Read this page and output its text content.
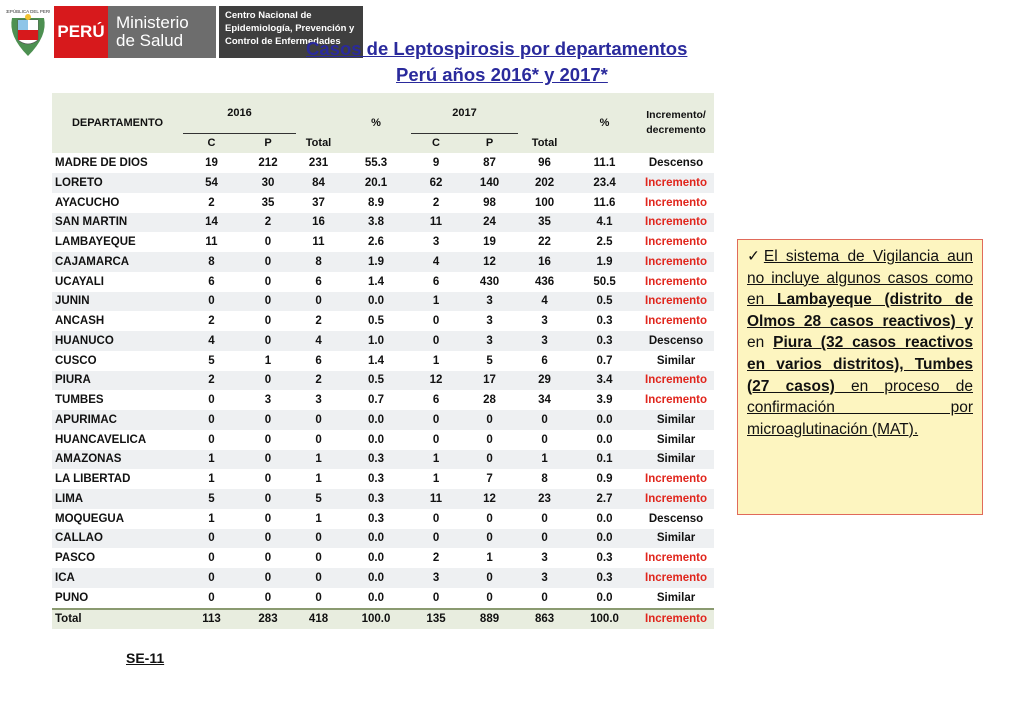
REPÚBLICA DEL PERÚ
PERÚ Ministerio
de Salud
Centro Nacional de
Epidemiología, Prevención y
Control de Enfermedades
Casos de Leptospirosis por departamentos
Perú años 2016* y 2017*
DEPARTAMENTO	2016			%	2017			%	Incremento/ decremento
	C	P	Total		C	P	Total		
MADRE DE DIOS	19	212	231	55.3	9	87	96	11.1	Descenso
LORETO	54	30	84	20.1	62	140	202	23.4	Incremento
AYACUCHO	2	35	37	8.9	2	98	100	11.6	Incremento
SAN MARTIN	14	2	16	3.8	11	24	35	4.1	Incremento
LAMBAYEQUE	11	0	11	2.6	3	19	22	2.5	Incremento
CAJAMARCA	8	0	8	1.9	4	12	16	1.9	Incremento
UCAYALI	6	0	6	1.4	6	430	436	50.5	Incremento
JUNIN	0	0	0	0.0	1	3	4	0.5	Incremento
ANCASH	2	0	2	0.5	0	3	3	0.3	Incremento
HUANUCO	4	0	4	1.0	0	3	3	0.3	Descenso
CUSCO	5	1	6	1.4	1	5	6	0.7	Similar
PIURA	2	0	2	0.5	12	17	29	3.4	Incremento
TUMBES	0	3	3	0.7	6	28	34	3.9	Incremento
APURIMAC	0	0	0	0.0	0	0	0	0.0	Similar
HUANCAVELICA	0	0	0	0.0	0	0	0	0.0	Similar
AMAZONAS	1	0	1	0.3	1	0	1	0.1	Similar
LA LIBERTAD	1	0	1	0.3	1	7	8	0.9	Incremento
LIMA	5	0	5	0.3	11	12	23	2.7	Incremento
MOQUEGUA	1	0	1	0.3	0	0	0	0.0	Descenso
CALLAO	0	0	0	0.0	0	0	0	0.0	Similar
PASCO	0	0	0	0.0	2	1	3	0.3	Incremento
ICA	0	0	0	0.0	3	0	3	0.3	Incremento
PUNO	0	0	0	0.0	0	0	0	0.0	Similar
Total	113	283	418	100.0	135	889	863	100.0	Incremento
✓El sistema de Vigilancia aun no incluye algunos casos como en Lambayeque (distrito de Olmos 28 casos reactivos) y en Piura (32 casos reactivos en varios distritos), Tumbes (27 casos) en proceso de confirmación por microaglutinación (MAT).
SE-11
